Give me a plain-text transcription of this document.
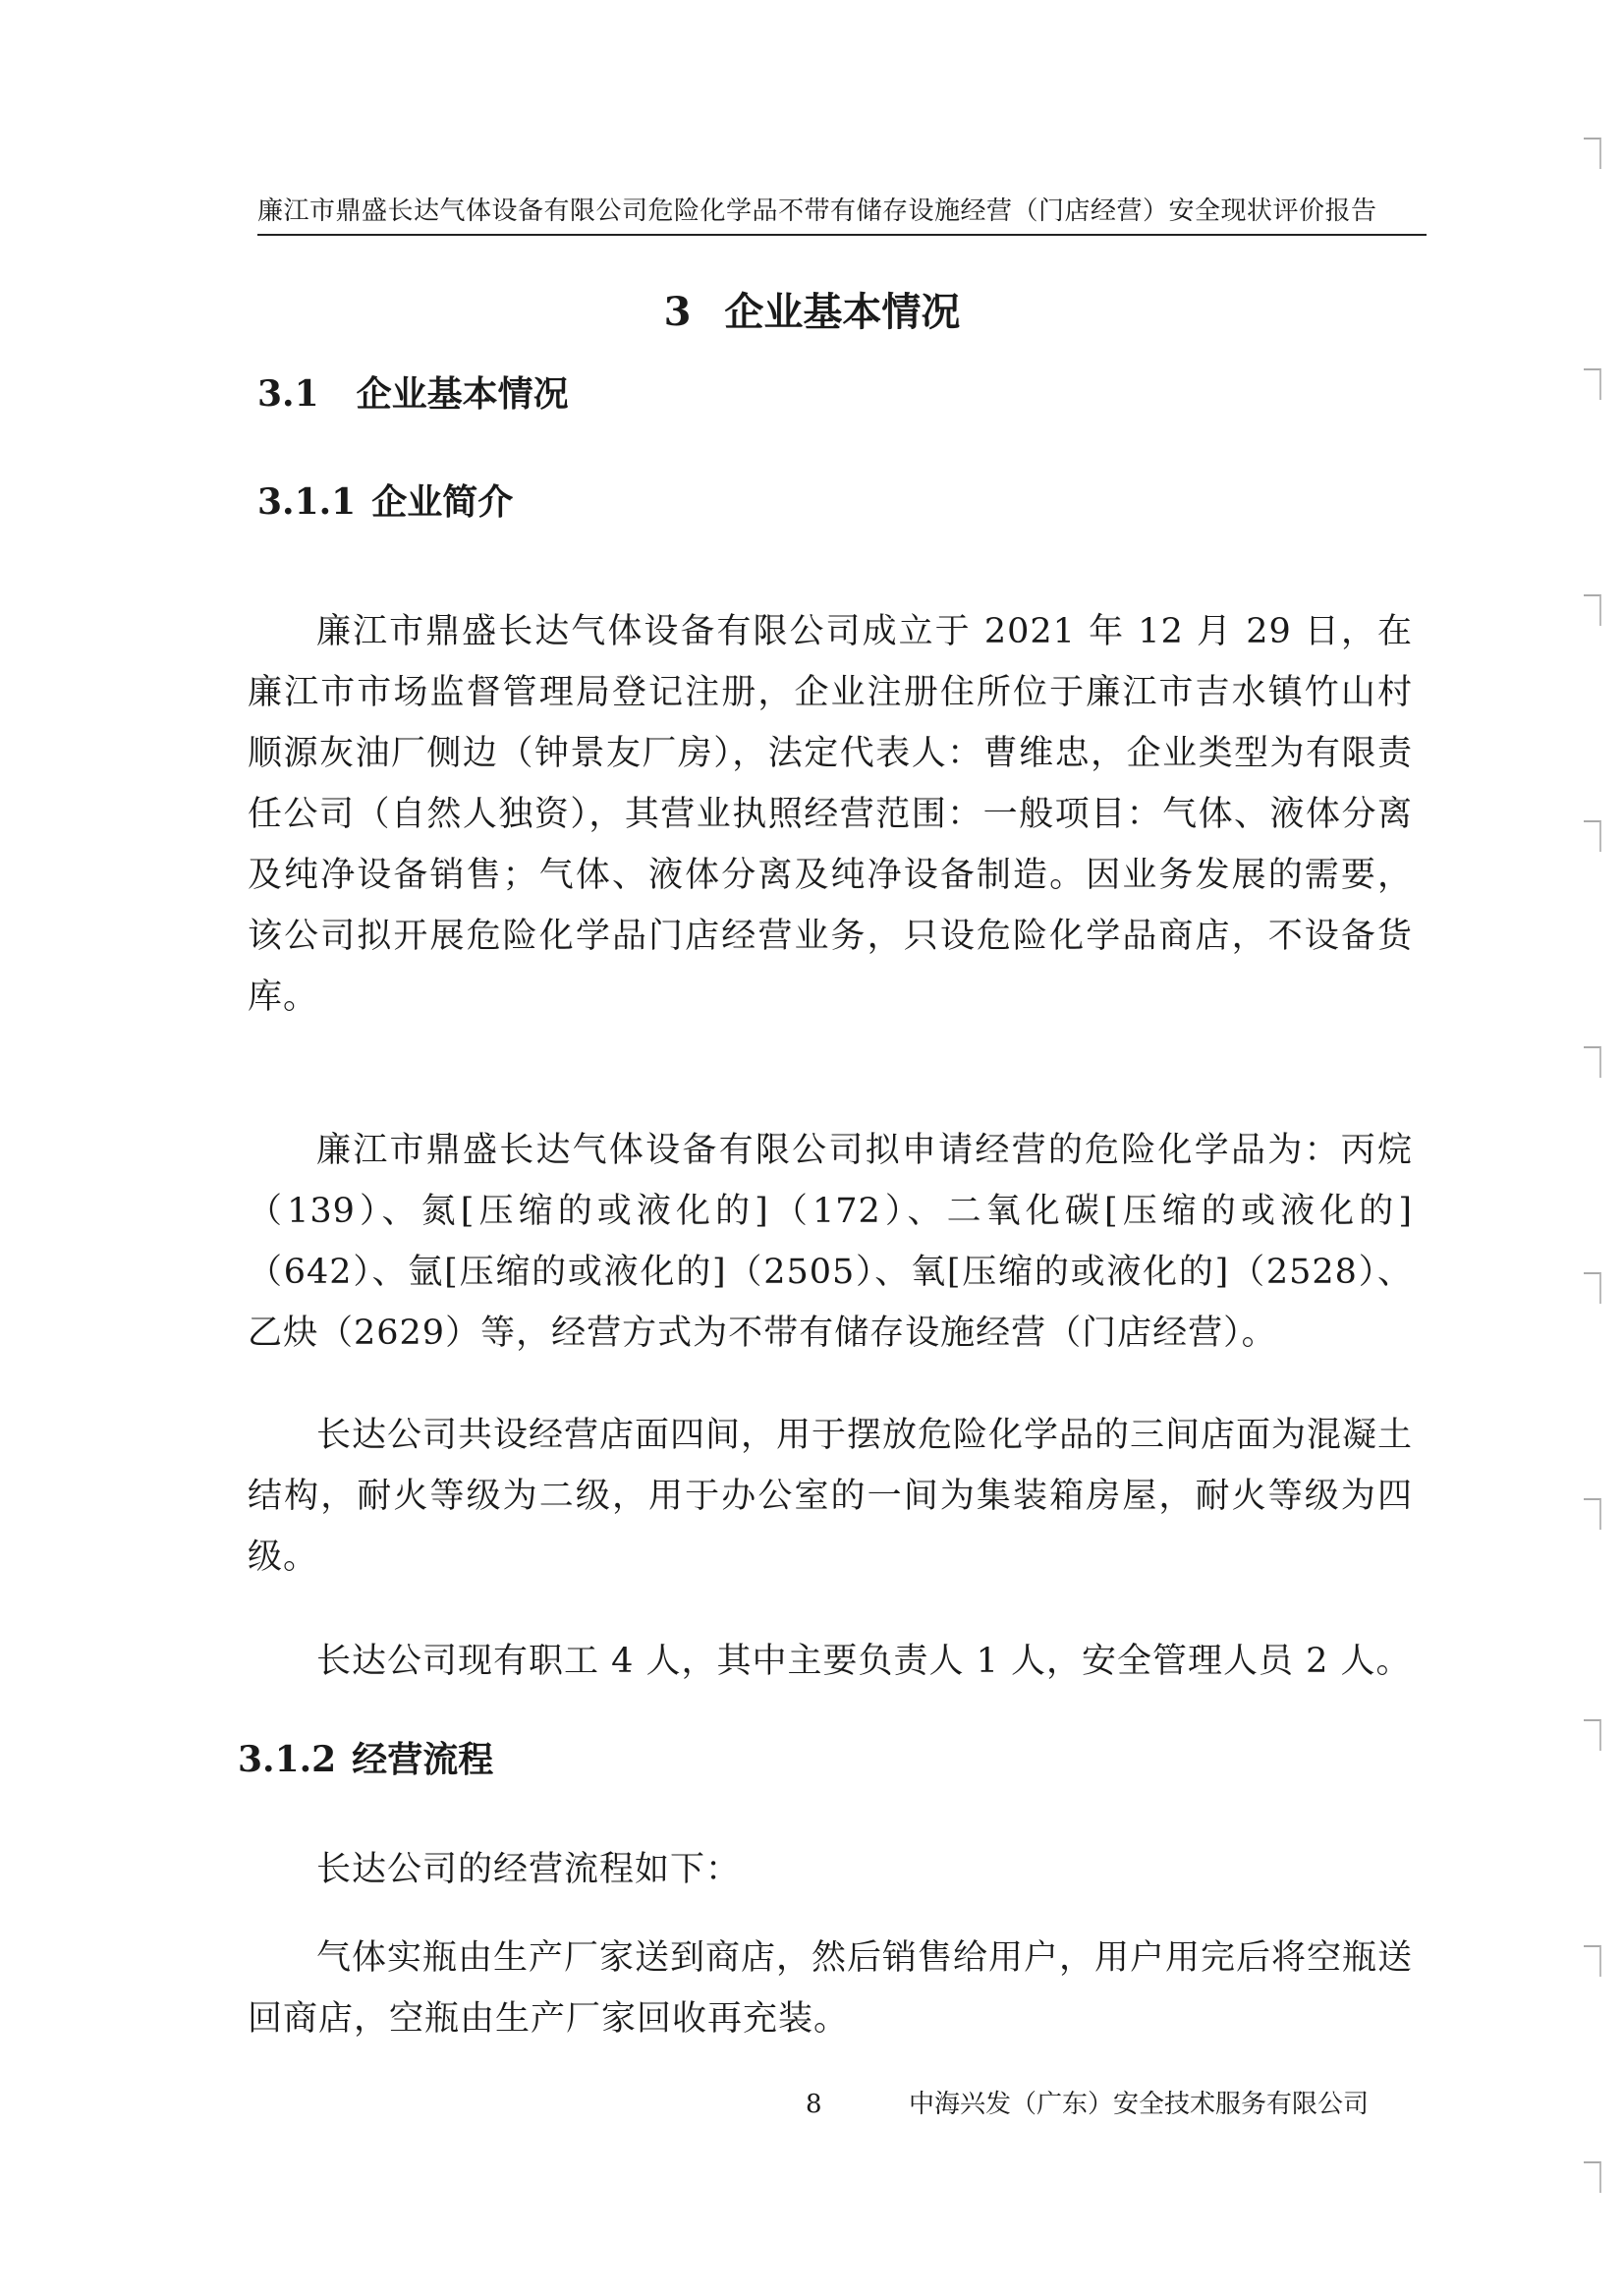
廉江市鼎盛长达气体设备有限公司危险化学品不带有储存设施经营（门店经营）安全现状评价报告
3 企业基本情况
3.1 企业基本情况
3.1.1 企业简介

廉江市鼎盛长达气体设备有限公司成立于 2021 年 12 月 29 日，在廉江市市场监督管理局登记注册，企业注册住所位于廉江市吉水镇竹山村顺源灰油厂侧边（钟景友厂房），法定代表人：曹维忠，企业类型为有限责任公司（自然人独资），其营业执照经营范围：一般项目：气体、液体分离及纯净设备销售；气体、液体分离及纯净设备制造。因业务发展的需要，该公司拟开展危险化学品门店经营业务，只设危险化学品商店，不设备货库。

廉江市鼎盛长达气体设备有限公司拟申请经营的危险化学品为：丙烷（139）、氮[压缩的或液化的]（172）、二氧化碳[压缩的或液化的]（642）、氩[压缩的或液化的]（2505）、氧[压缩的或液化的]（2528）、乙炔（2629）等，经营方式为不带有储存设施经营（门店经营）。

长达公司共设经营店面四间，用于摆放危险化学品的三间店面为混凝土结构，耐火等级为二级，用于办公室的一间为集装箱房屋，耐火等级为四级。

长达公司现有职工 4 人，其中主要负责人 1 人，安全管理人员 2 人。

3.1.2 经营流程

长达公司的经营流程如下：

气体实瓶由生产厂家送到商店，然后销售给用户，用户用完后将空瓶送回商店，空瓶由生产厂家回收再充装。

8	中海兴发（广东）安全技术服务有限公司
